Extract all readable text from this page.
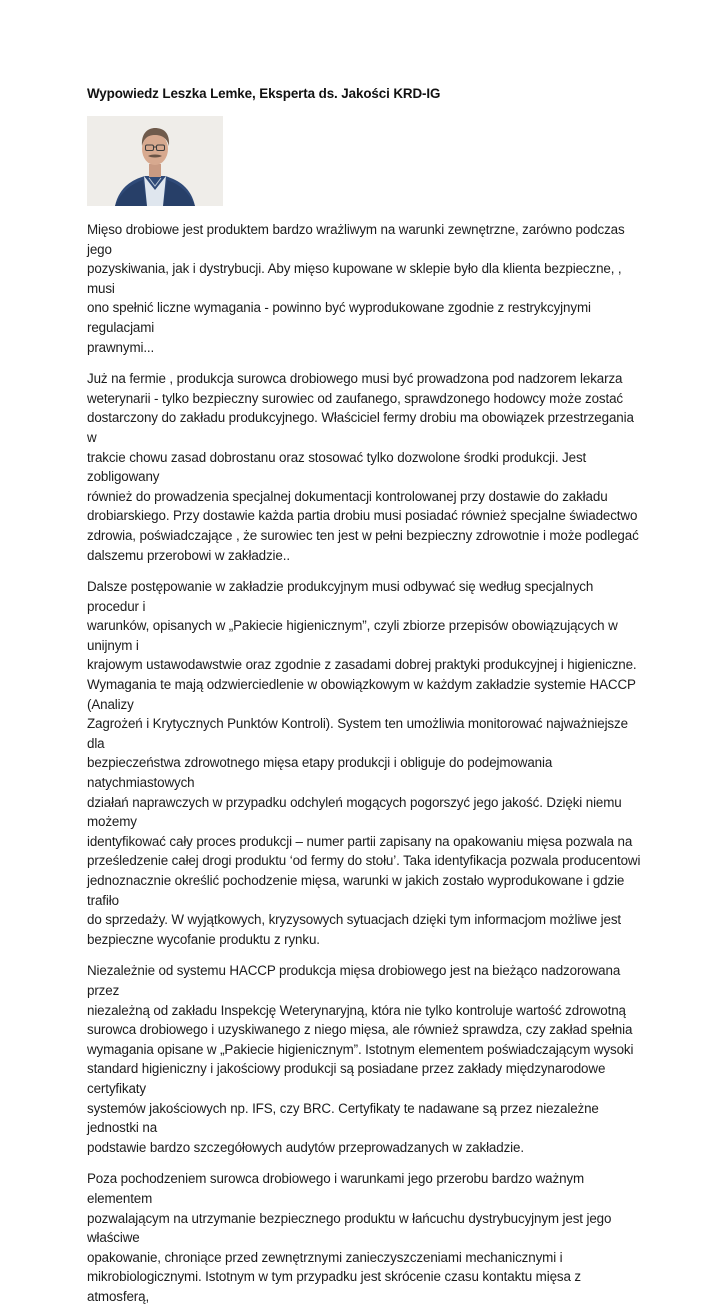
Wypowiedz Leszka Lemke, Eksperta ds. Jakości KRD-IG

Mięso drobiowe jest produktem bardzo wrażliwym na warunki zewnętrzne, zarówno podczas jego
pozyskiwania, jak i dystrybucji. Aby mięso kupowane w sklepie było dla klienta bezpieczne, , musi
ono spełnić liczne wymagania - powinno być wyprodukowane zgodnie z restrykcyjnymi regulacjami
prawnymi...

Już na fermie , produkcja surowca drobiowego musi być prowadzona pod nadzorem lekarza
weterynarii - tylko bezpieczny surowiec od zaufanego, sprawdzonego hodowcy może zostać
dostarczony do zakładu produkcyjnego. Właściciel fermy drobiu ma obowiązek przestrzegania w
trakcie chowu zasad dobrostanu oraz stosować tylko dozwolone środki produkcji. Jest zobligowany
również do prowadzenia specjalnej dokumentacji kontrolowanej przy dostawie do zakładu
drobiarskiego. Przy dostawie każda partia drobiu musi posiadać również specjalne świadectwo
zdrowia, poświadczające , że surowiec ten jest w pełni bezpieczny zdrowotnie i może podlegać
dalszemu przerobowi w zakładzie..

Dalsze postępowanie w zakładzie produkcyjnym musi odbywać się według specjalnych procedur i
warunków, opisanych w „Pakiecie higienicznym”, czyli zbiorze przepisów obowiązujących w unijnym i
krajowym ustawodawstwie oraz zgodnie z zasadami dobrej praktyki produkcyjnej i higieniczne.
Wymagania te mają odzwierciedlenie w obowiązkowym w każdym zakładzie systemie HACCP (Analizy
Zagrożeń i Krytycznych Punktów Kontroli). System ten umożliwia monitorować najważniejsze dla
bezpieczeństwa zdrowotnego mięsa etapy produkcji i obliguje do podejmowania natychmiastowych
działań naprawczych w przypadku odchyleń mogących pogorszyć jego jakość. Dzięki niemu możemy
identyfikować cały proces produkcji – numer partii zapisany na opakowaniu mięsa pozwala na
prześledzenie całej drogi produktu ‘od fermy do stołu’. Taka identyfikacja pozwala producentowi
jednoznacznie określić pochodzenie mięsa, warunki w jakich zostało wyprodukowane i gdzie trafiło
do sprzedaży. W wyjątkowych, kryzysowych sytuacjach dzięki tym informacjom możliwe jest
bezpieczne wycofanie produktu z rynku.

Niezależnie od systemu HACCP produkcja mięsa drobiowego jest na bieżąco nadzorowana przez
niezależną od zakładu Inspekcję Weterynaryjną, która nie tylko kontroluje wartość zdrowotną
surowca drobiowego i uzyskiwanego z niego mięsa, ale również sprawdza, czy zakład spełnia
wymagania opisane w „Pakiecie higienicznym”. Istotnym elementem poświadczającym wysoki
standard higieniczny i jakościowy produkcji są posiadane przez zakłady międzynarodowe certyfikaty
systemów jakościowych np. IFS, czy BRC. Certyfikaty te nadawane są przez niezależne jednostki na
podstawie bardzo szczegółowych audytów przeprowadzanych w zakładzie.

Poza pochodzeniem surowca drobiowego i warunkami jego przerobu bardzo ważnym elementem
pozwalającym na utrzymanie bezpiecznego produktu w łańcuchu dystrybucyjnym jest jego właściwe
opakowanie, chroniące przed zewnętrznymi zanieczyszczeniami mechanicznymi i
mikrobiologicznymi. Istotnym w tym przypadku jest skrócenie czasu kontaktu mięsa z atmosferą,
